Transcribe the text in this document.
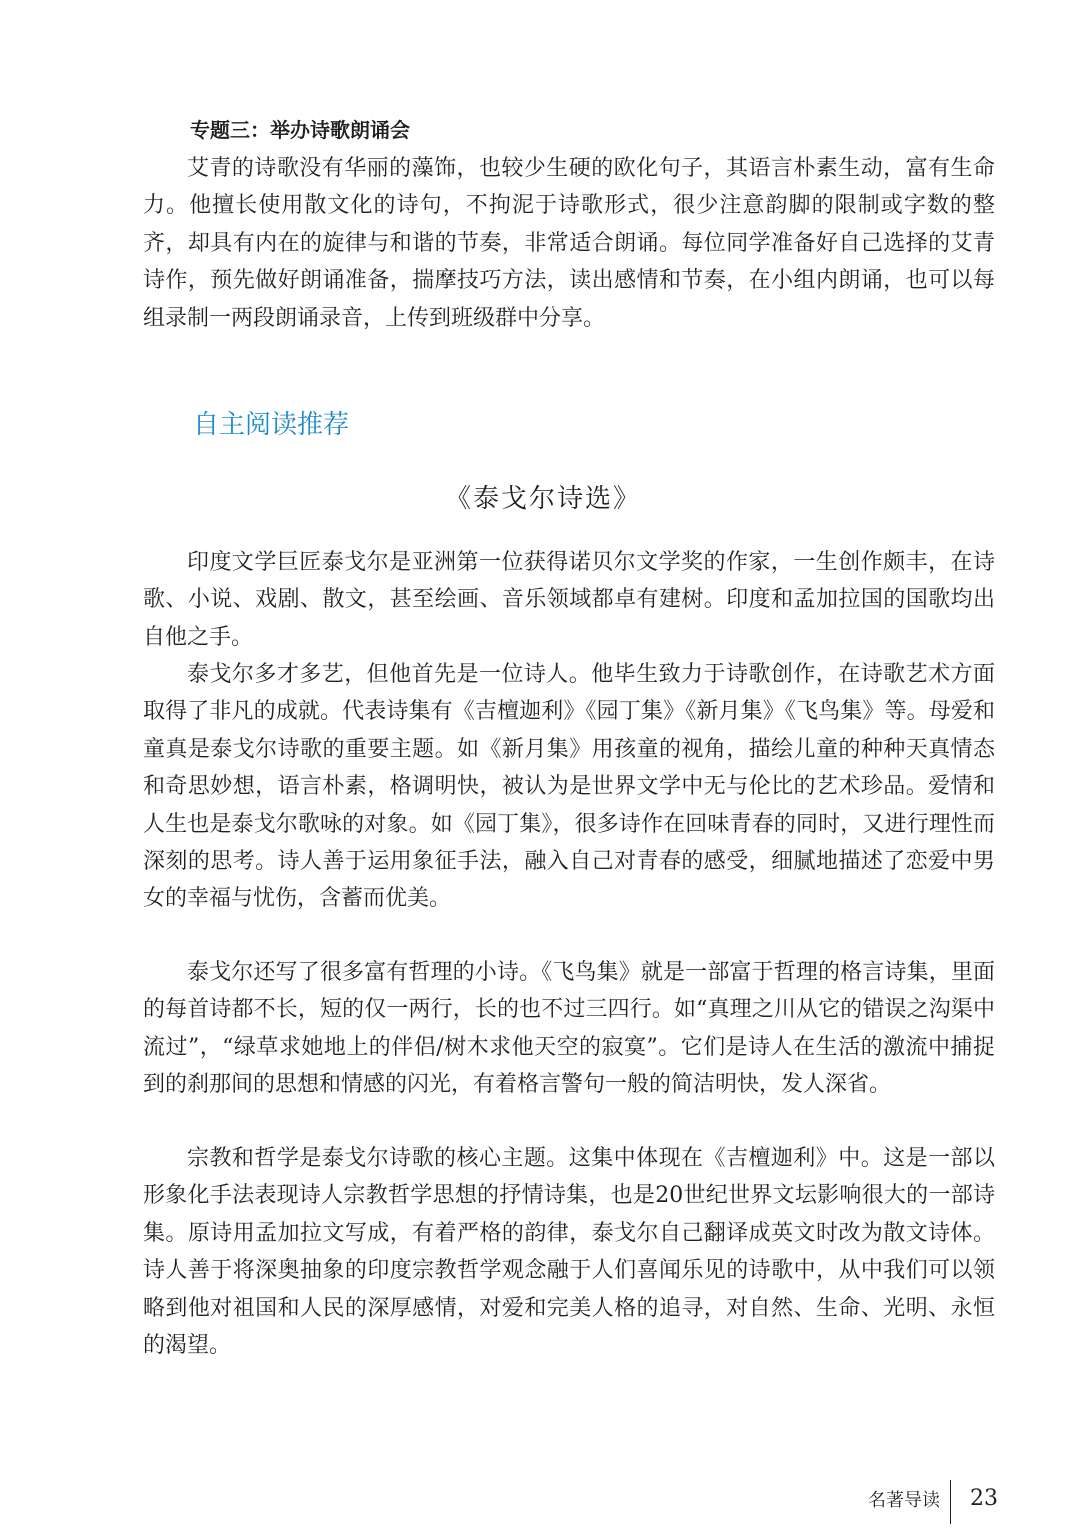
专题三：举办诗歌朗诵会

艾青的诗歌没有华丽的藻饰，也较少生硬的欧化句子，其语言朴素生动，富有生命力。他擅长使用散文化的诗句，不拘泥于诗歌形式，很少注意韵脚的限制或字数的整齐，却具有内在的旋律与和谐的节奏，非常适合朗诵。每位同学准备好自己选择的艾青诗作，预先做好朗诵准备，揣摩技巧方法，读出感情和节奏，在小组内朗诵，也可以每组录制一两段朗诵录音，上传到班级群中分享。

自主阅读推荐
《泰戈尔诗选》

印度文学巨匠泰戈尔是亚洲第一位获得诺贝尔文学奖的作家，一生创作颇丰，在诗歌、小说、戏剧、散文，甚至绘画、音乐领域都卓有建树。印度和孟加拉国的国歌均出自他之手。

泰戈尔多才多艺，但他首先是一位诗人。他毕生致力于诗歌创作，在诗歌艺术方面取得了非凡的成就。代表诗集有《吉檀迦利》《园丁集》《新月集》《飞鸟集》等。母爱和童真是泰戈尔诗歌的重要主题。如《新月集》用孩童的视角，描绘儿童的种种天真情态和奇思妙想，语言朴素，格调明快，被认为是世界文学中无与伦比的艺术珍品。爱情和人生也是泰戈尔歌咏的对象。如《园丁集》，很多诗作在回味青春的同时，又进行理性而深刻的思考。诗人善于运用象征手法，融入自己对青春的感受，细腻地描述了恋爱中男女的幸福与忧伤，含蓄而优美。

泰戈尔还写了很多富有哲理的小诗。《飞鸟集》就是一部富于哲理的格言诗集，里面的每首诗都不长，短的仅一两行，长的也不过三四行。如“真理之川从它的错误之沟渠中流过”，“绿草求她地上的伴侣/树木求他天空的寂寞”。它们是诗人在生活的激流中捕捉到的刹那间的思想和情感的闪光，有着格言警句一般的简洁明快，发人深省。

宗教和哲学是泰戈尔诗歌的核心主题。这集中体现在《吉檀迦利》中。这是一部以形象化手法表现诗人宗教哲学思想的抒情诗集，也是20世纪世界文坛影响很大的一部诗集。原诗用孟加拉文写成，有着严格的韵律，泰戈尔自己翻译成英文时改为散文诗体。诗人善于将深奥抽象的印度宗教哲学观念融于人们喜闻乐见的诗歌中，从中我们可以领略到他对祖国和人民的深厚感情，对爱和完美人格的追寻，对自然、生命、光明、永恒的渴望。

名著导读 23
